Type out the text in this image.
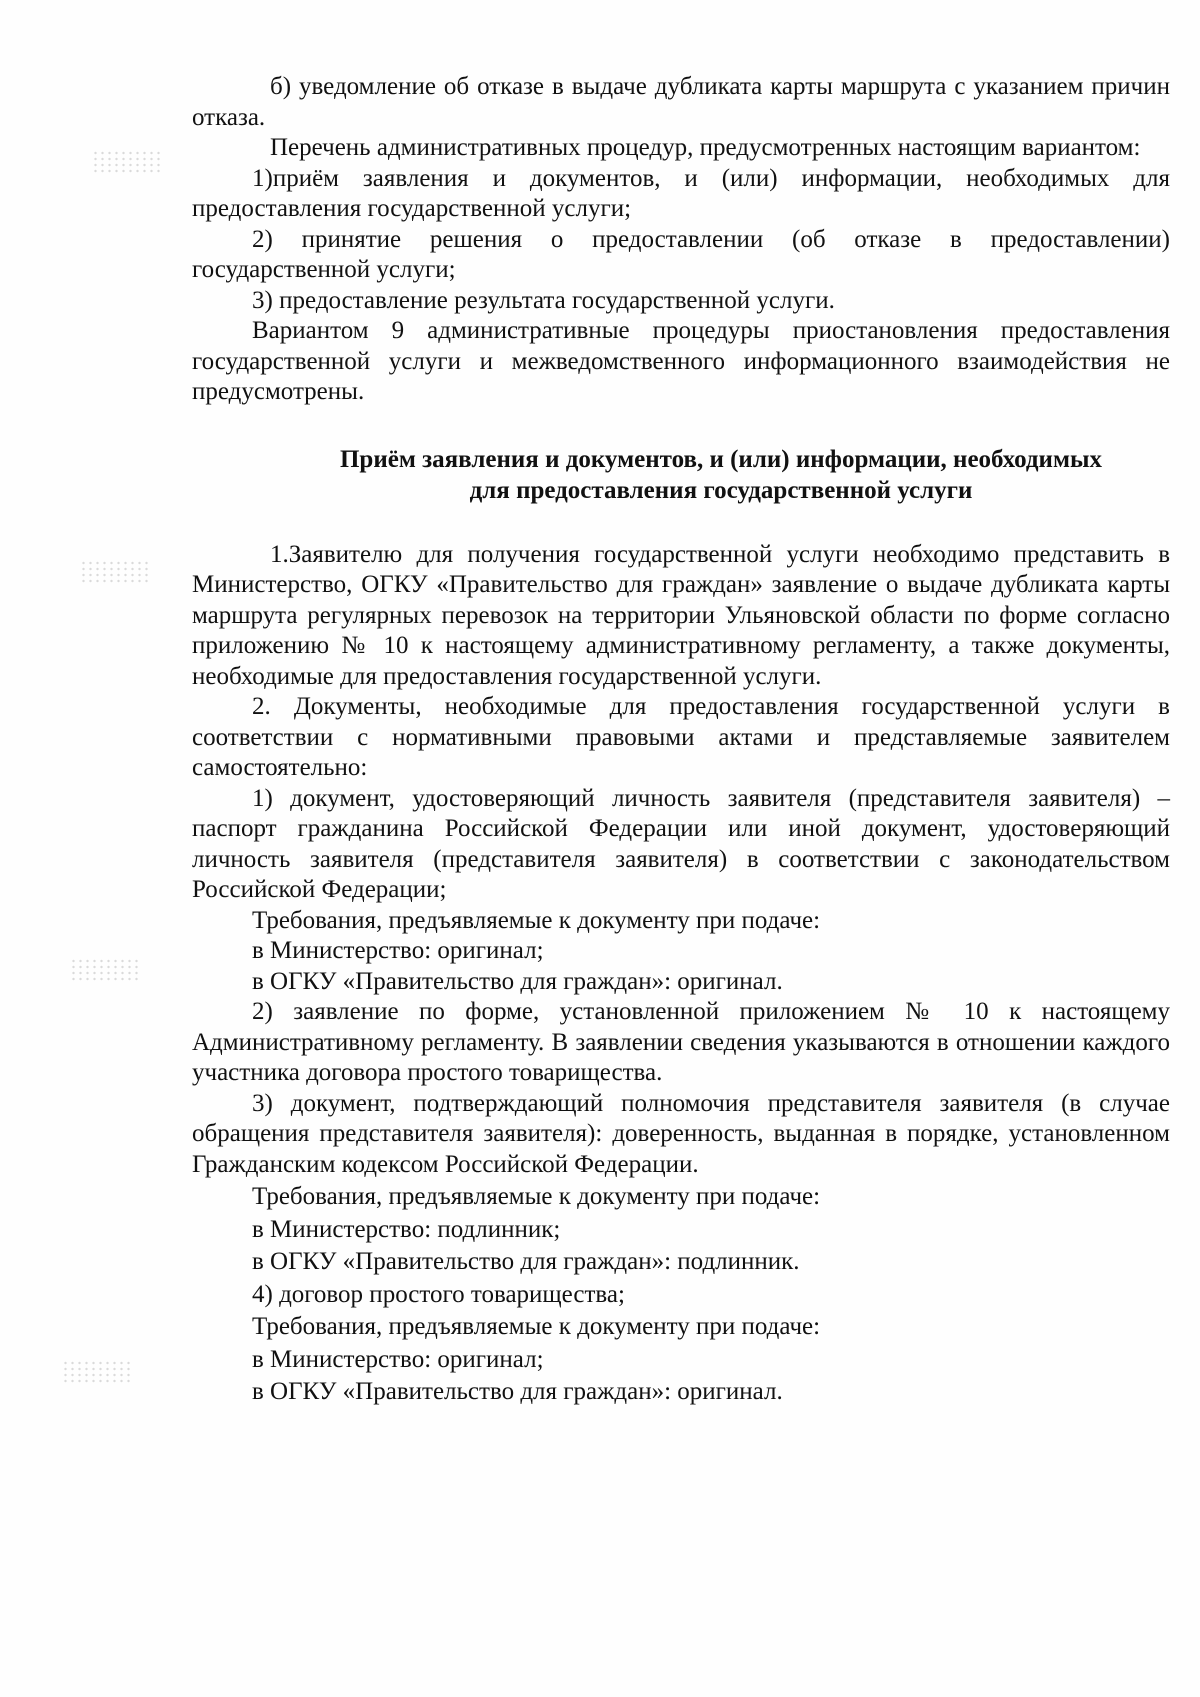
б) уведомление об отказе в выдаче дубликата карты маршрута с указанием причин отказа.

Перечень административных процедур, предусмотренных настоящим вариантом:

1)приём заявления и документов, и (или) информации, необходимых для предоставления государственной услуги;

2) принятие решения о предоставлении (об отказе в предоставлении) государственной услуги;

3) предоставление результата государственной услуги.

Вариантом 9 административные процедуры приостановления предоставления государственной услуги и межведомственного информационного взаимодействия не предусмотрены.

Приём заявления и документов, и (или) информации, необходимых
для предоставления государственной услуги

1.Заявителю для получения государственной услуги необходимо представить в Министерство, ОГКУ «Правительство для граждан» заявление о выдаче дубликата карты маршрута регулярных перевозок на территории Ульяновской области по форме согласно приложению № 10 к настоящему административному регламенту, а также документы, необходимые для предоставления государственной услуги.

2. Документы, необходимые для предоставления государственной услуги в соответствии с нормативными правовыми актами и представляемые заявителем самостоятельно:

1) документ, удостоверяющий личность заявителя (представителя заявителя) – паспорт гражданина Российской Федерации или иной документ, удостоверяющий личность заявителя (представителя заявителя) в соответствии с законодательством Российской Федерации;

Требования, предъявляемые к документу при подаче:

в Министерство: оригинал;

в ОГКУ «Правительство для граждан»: оригинал.

2) заявление по форме, установленной приложением № 10 к настоящему Административному регламенту. В заявлении сведения указываются в отношении каждого участника договора простого товарищества.

3) документ, подтверждающий полномочия представителя заявителя (в случае обращения представителя заявителя): доверенность, выданная в порядке, установленном Гражданским кодексом Российской Федерации.

Требования, предъявляемые к документу при подаче:

в Министерство: подлинник;

в ОГКУ «Правительство для граждан»: подлинник.

4) договор простого товарищества;

Требования, предъявляемые к документу при подаче:

в Министерство: оригинал;

в ОГКУ «Правительство для граждан»: оригинал.
